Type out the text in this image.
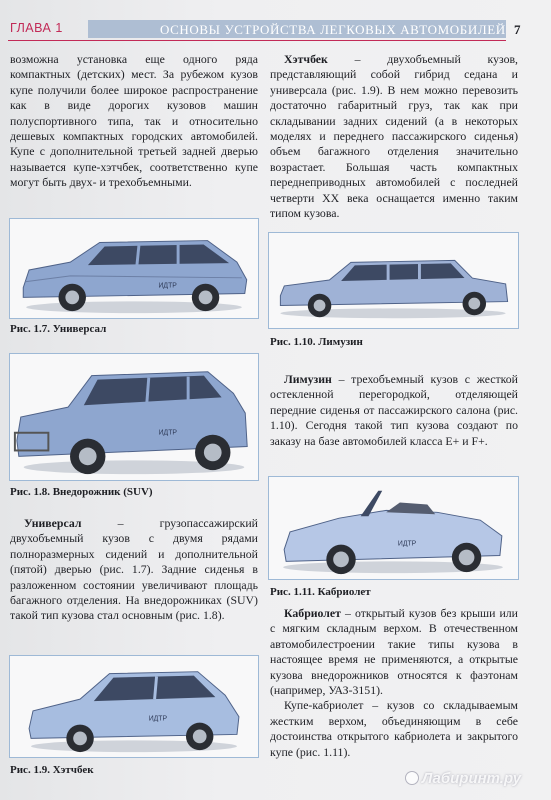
ГЛАВА 1	ОСНОВЫ УСТРОЙСТВА ЛЕГКОВЫХ АВТОМОБИЛЕЙ 7

возможна установка еще одного ряда компактных (детских) мест. За рубежом кузов купе получили более широкое распространение как в виде дорогих кузовов машин полуспортивного типа, так и относительно дешевых компактных городских автомобилей. Купе с дополнительной третьей задней дверью называется купе-хэтчбек, соответственно купе могут быть двух- и трехобъемными.

ИДТР
Рис. 1.7. Универсал
ИДТР
Рис. 1.8. Внедорожник (SUV)

Универсал – грузопассажирский двухобъемный кузов с двумя рядами полноразмерных сидений и дополнительной (пятой) дверью (рис. 1.7). Задние сиденья в разложенном состоянии увеличивают площадь багажного отделения. На внедорожниках (SUV) такой тип кузова стал основным (рис. 1.8).

ИДТР
Рис. 1.9. Хэтчбек

Хэтчбек – двухобъемный кузов, представляющий собой гибрид седана и универсала (рис. 1.9). В нем можно перевозить достаточно габаритный груз, так как при складывании задних сидений (а в некоторых моделях и переднего пассажирского сиденья) объем багажного отделения значительно возрастает. Большая часть компактных переднеприводных автомобилей с последней четверти XX века оснащается именно таким типом кузова.

Рис. 1.10. Лимузин

Лимузин – трехобъемный кузов с жесткой остекленной перегородкой, отделяющей передние сиденья от пассажирского салона (рис. 1.10). Сегодня такой тип кузова создают по заказу на базе автомобилей класса E+ и F+.

ИДТР
Рис. 1.11. Кабриолет

Кабриолет – открытый кузов без крыши или с мягким складным верхом. В отечественном автомобилестроении такие типы кузова в настоящее время не применяются, а открытые кузова внедорожников относятся к фаэтонам (например, УАЗ-3151).

Купе-кабриолет – кузов со складываемым жестким верхом, объединяющим в себе достоинства открытого кабриолета и закрытого купе (рис. 1.11).

Лабиринт.ру
